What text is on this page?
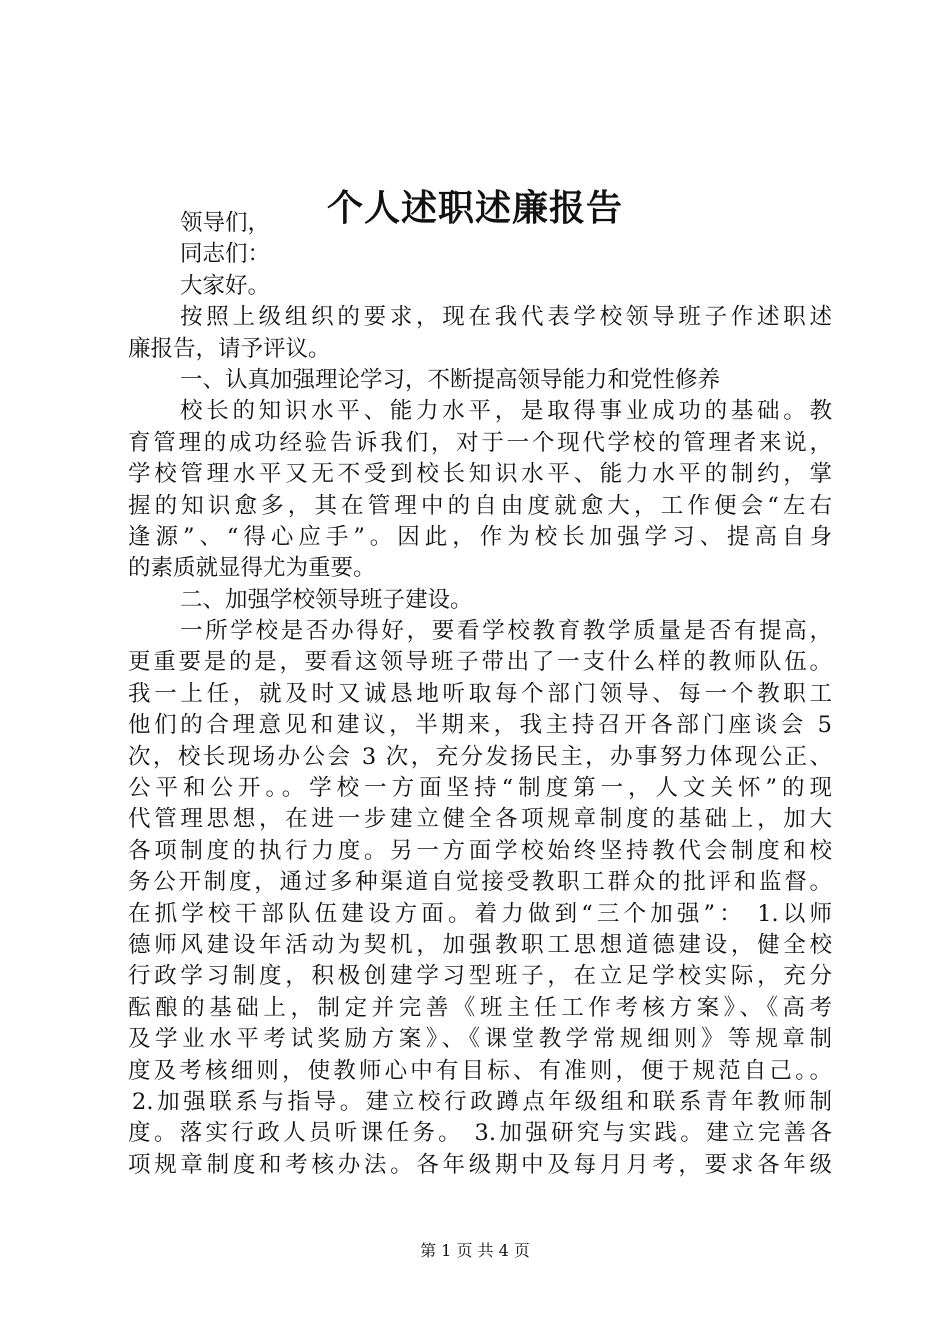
个人述职述廉报告
领导们，
同志们：
大家好。
按照上级组织的要求，现在我代表学校领导班子作述职述
廉报告，请予评议。
一、认真加强理论学习，不断提高领导能力和党性修养
校长的知识水平、能力水平，是取得事业成功的基础。教
育管理的成功经验告诉我们，对于一个现代学校的管理者来说，
学校管理水平又无不受到校长知识水平、能力水平的制约，掌
握的知识愈多，其在管理中的自由度就愈大，工作便会“左右
逢源”、“得心应手”。因此，作为校长加强学习、提高自身
的素质就显得尤为重要。
二、加强学校领导班子建设。
一所学校是否办得好，要看学校教育教学质量是否有提高，
更重要是的是，要看这领导班子带出了一支什么样的教师队伍。
我一上任，就及时又诚恳地听取每个部门领导、每一个教职工
他们的合理意见和建议，半期来，我主持召开各部门座谈会 5
次，校长现场办公会 3 次，充分发扬民主，办事努力体现公正、
公平和公开。。学校一方面坚持“制度第一，人文关怀”的现
代管理思想，在进一步建立健全各项规章制度的基础上，加大
各项制度的执行力度。另一方面学校始终坚持教代会制度和校
务公开制度，通过多种渠道自觉接受教职工群众的批评和监督。
在抓学校干部队伍建设方面。着力做到“三个加强”： 1.以师
德师风建设年活动为契机，加强教职工思想道德建设，健全校
行政学习制度，积极创建学习型班子，在立足学校实际，充分
酝酿的基础上，制定并完善《班主任工作考核方案》、《高考
及学业水平考试奖励方案》、《课堂教学常规细则》等规章制
度及考核细则，使教师心中有目标、有准则，便于规范自己。。
2.加强联系与指导。建立校行政蹲点年级组和联系青年教师制
度。落实行政人员听课任务。 3.加强研究与实践。建立完善各
项规章制度和考核办法。各年级期中及每月月考，要求各年级
第 1 页 共 4 页
